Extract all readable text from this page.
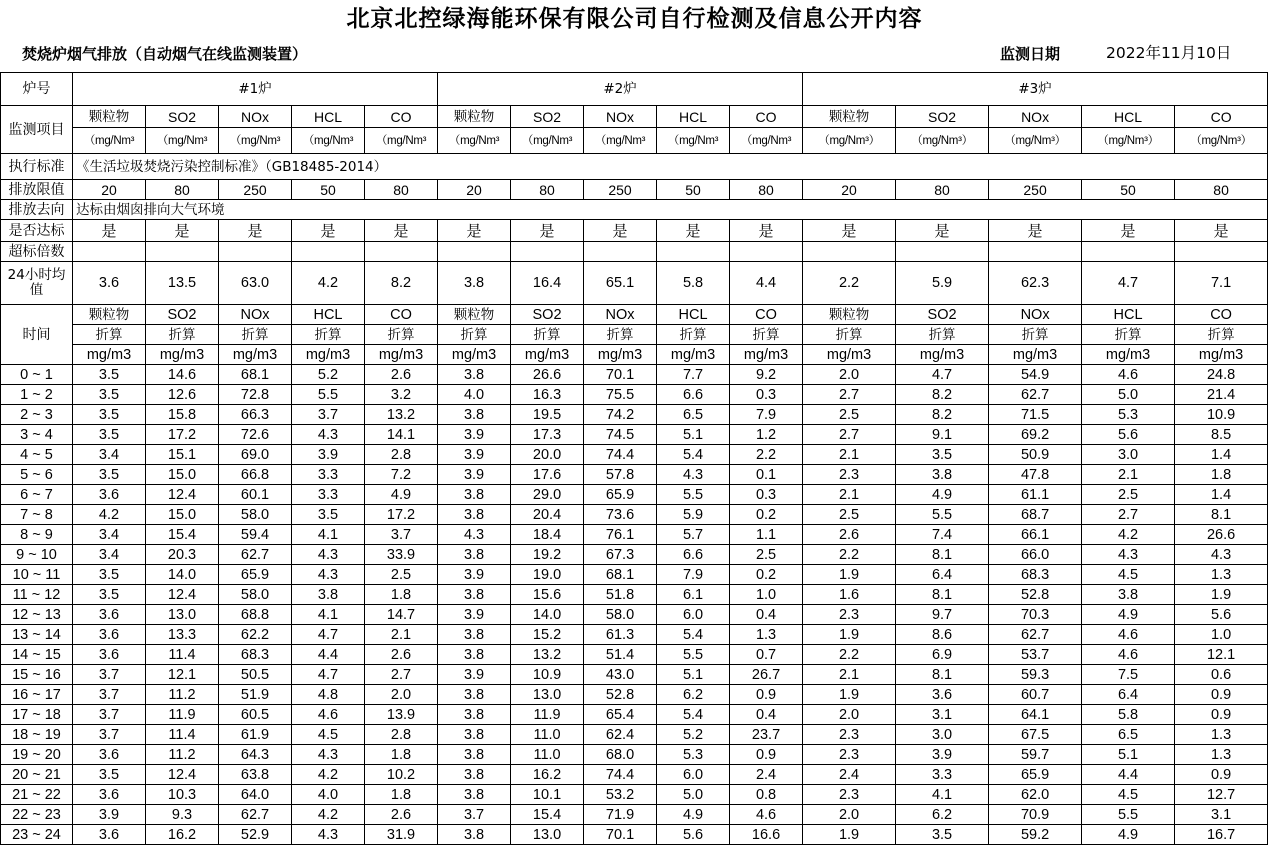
北京北控绿海能环保有限公司自行检测及信息公开内容
焚烧炉烟气排放（自动烟气在线监测装置）	监测日期	2022年11月10日
炉号	#1炉					#2炉					#3炉				
监测项目	颗粒物	SO2	NOx	HCL	CO	颗粒物	SO2	NOx	HCL	CO	颗粒物	SO2	NOx	HCL	CO
	（mg/Nm³	（mg/Nm³	（mg/Nm³	（mg/Nm³	（mg/Nm³	（mg/Nm³	（mg/Nm³	（mg/Nm³	（mg/Nm³	（mg/Nm³	（mg/Nm³）	（mg/Nm³）	（mg/Nm³）	（mg/Nm³）	（mg/Nm³）
执行标准	《生活垃圾焚烧污染控制标准》（GB18485-2014）														
排放限值	20	80	250	50	80	20	80	250	50	80	20	80	250	50	80
排放去向	达标由烟囱排向大气环境														
是否达标	是	是	是	是	是	是	是	是	是	是	是	是	是	是	是
超标倍数															
24小时均值	3.6	13.5	63.0	4.2	8.2	3.8	16.4	65.1	5.8	4.4	2.2	5.9	62.3	4.7	7.1
时间	颗粒物	SO2	NOx	HCL	CO	颗粒物	SO2	NOx	HCL	CO	颗粒物	SO2	NOx	HCL	CO
	折算	折算	折算	折算	折算	折算	折算	折算	折算	折算	折算	折算	折算	折算	折算
	mg/m3	mg/m3	mg/m3	mg/m3	mg/m3	mg/m3	mg/m3	mg/m3	mg/m3	mg/m3	mg/m3	mg/m3	mg/m3	mg/m3	mg/m3
0 ~ 1	3.5	14.6	68.1	5.2	2.6	3.8	26.6	70.1	7.7	9.2	2.0	4.7	54.9	4.6	24.8
1 ~ 2	3.5	12.6	72.8	5.5	3.2	4.0	16.3	75.5	6.6	0.3	2.7	8.2	62.7	5.0	21.4
2 ~ 3	3.5	15.8	66.3	3.7	13.2	3.8	19.5	74.2	6.5	7.9	2.5	8.2	71.5	5.3	10.9
3 ~ 4	3.5	17.2	72.6	4.3	14.1	3.9	17.3	74.5	5.1	1.2	2.7	9.1	69.2	5.6	8.5
4 ~ 5	3.4	15.1	69.0	3.9	2.8	3.9	20.0	74.4	5.4	2.2	2.1	3.5	50.9	3.0	1.4
5 ~ 6	3.5	15.0	66.8	3.3	7.2	3.9	17.6	57.8	4.3	0.1	2.3	3.8	47.8	2.1	1.8
6 ~ 7	3.6	12.4	60.1	3.3	4.9	3.8	29.0	65.9	5.5	0.3	2.1	4.9	61.1	2.5	1.4
7 ~ 8	4.2	15.0	58.0	3.5	17.2	3.8	20.4	73.6	5.9	0.2	2.5	5.5	68.7	2.7	8.1
8 ~ 9	3.4	15.4	59.4	4.1	3.7	4.3	18.4	76.1	5.7	1.1	2.6	7.4	66.1	4.2	26.6
9 ~ 10	3.4	20.3	62.7	4.3	33.9	3.8	19.2	67.3	6.6	2.5	2.2	8.1	66.0	4.3	4.3
10 ~ 11	3.5	14.0	65.9	4.3	2.5	3.9	19.0	68.1	7.9	0.2	1.9	6.4	68.3	4.5	1.3
11 ~ 12	3.5	12.4	58.0	3.8	1.8	3.8	15.6	51.8	6.1	1.0	1.6	8.1	52.8	3.8	1.9
12 ~ 13	3.6	13.0	68.8	4.1	14.7	3.9	14.0	58.0	6.0	0.4	2.3	9.7	70.3	4.9	5.6
13 ~ 14	3.6	13.3	62.2	4.7	2.1	3.8	15.2	61.3	5.4	1.3	1.9	8.6	62.7	4.6	1.0
14 ~ 15	3.6	11.4	68.3	4.4	2.6	3.8	13.2	51.4	5.5	0.7	2.2	6.9	53.7	4.6	12.1
15 ~ 16	3.7	12.1	50.5	4.7	2.7	3.9	10.9	43.0	5.1	26.7	2.1	8.1	59.3	7.5	0.6
16 ~ 17	3.7	11.2	51.9	4.8	2.0	3.8	13.0	52.8	6.2	0.9	1.9	3.6	60.7	6.4	0.9
17 ~ 18	3.7	11.9	60.5	4.6	13.9	3.8	11.9	65.4	5.4	0.4	2.0	3.1	64.1	5.8	0.9
18 ~ 19	3.7	11.4	61.9	4.5	2.8	3.8	11.0	62.4	5.2	23.7	2.3	3.0	67.5	6.5	1.3
19 ~ 20	3.6	11.2	64.3	4.3	1.8	3.8	11.0	68.0	5.3	0.9	2.3	3.9	59.7	5.1	1.3
20 ~ 21	3.5	12.4	63.8	4.2	10.2	3.8	16.2	74.4	6.0	2.4	2.4	3.3	65.9	4.4	0.9
21 ~ 22	3.6	10.3	64.0	4.0	1.8	3.8	10.1	53.2	5.0	0.8	2.3	4.1	62.0	4.5	12.7
22 ~ 23	3.9	9.3	62.7	4.2	2.6	3.7	15.4	71.9	4.9	4.6	2.0	6.2	70.9	5.5	3.1
23 ~ 24	3.6	16.2	52.9	4.3	31.9	3.8	13.0	70.1	5.6	16.6	1.9	3.5	59.2	4.9	16.7
